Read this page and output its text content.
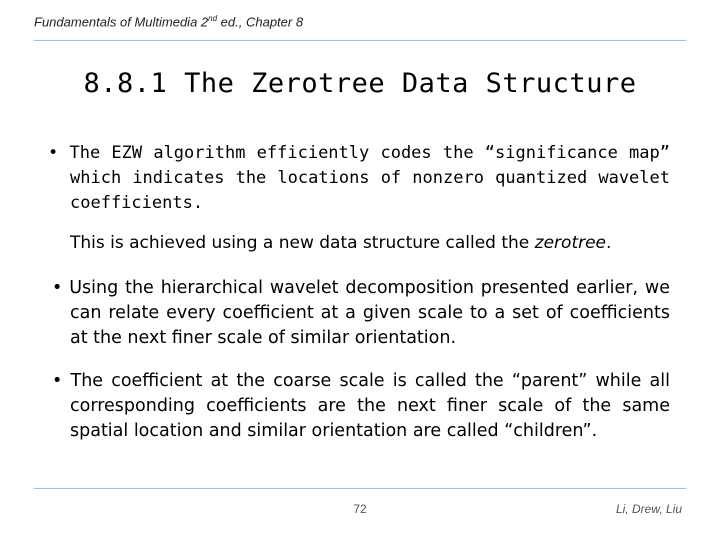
Fundamentals of Multimedia 2nd ed., Chapter 8
8.8.1 The Zerotree Data Structure
• The EZW algorithm efficiently codes the “significance map” which indicates the locations of nonzero quantized wavelet coefficients.
This is achieved using a new data structure called the zerotree.
• Using the hierarchical wavelet decomposition presented earlier, we can relate every coefficient at a given scale to a set of coefficients at the next finer scale of similar orientation.
• The coefficient at the coarse scale is called the “parent” while all corresponding coefficients are the next finer scale of the same spatial location and similar orientation are called “children”.
72	Li, Drew, Liu
